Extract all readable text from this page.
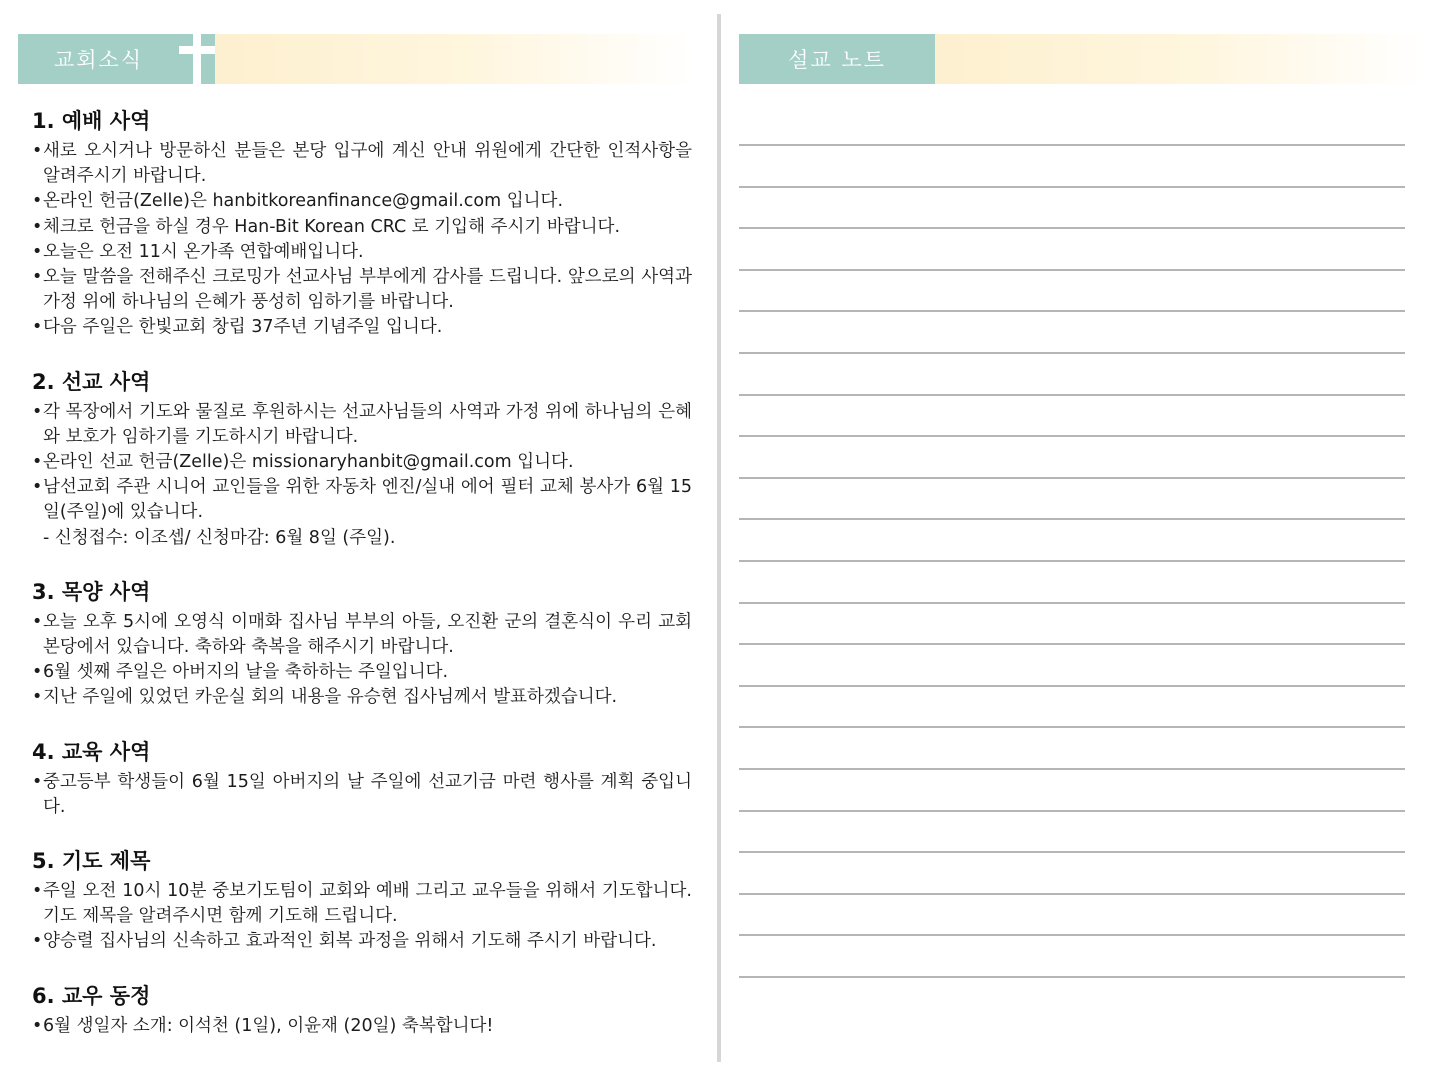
교회소식	설교 노트
1. 예배 사역
• 새로 오시거나 방문하신 분들은 본당 입구에 계신 안내 위원에게 간단한 인적사항을 알려주시기 바랍니다.
• 온라인 헌금(Zelle)은 hanbitkoreanfinance@gmail.com 입니다.
• 체크로 헌금을 하실 경우 Han-Bit Korean CRC 로 기입해 주시기 바랍니다.
• 오늘은 오전 11시 온가족 연합예배입니다.
• 오늘 말씀을 전해주신 크로밍가 선교사님 부부에게 감사를 드립니다. 앞으로의 사역과 가정 위에 하나님의 은혜가 풍성히 임하기를 바랍니다.
• 다음 주일은 한빛교회 창립 37주년 기념주일 입니다.
2. 선교 사역
• 각 목장에서 기도와 물질로 후원하시는 선교사님들의 사역과 가정 위에 하나님의 은혜와 보호가 임하기를 기도하시기 바랍니다.
• 온라인 선교 헌금(Zelle)은 missionaryhanbit@gmail.com 입니다.
• 남선교회 주관 시니어 교인들을 위한 자동차 엔진/실내 에어 필터 교체 봉사가 6월 15일(주일)에 있습니다.
- 신청접수: 이조셉/ 신청마감: 6월 8일 (주일).
3. 목양 사역
• 오늘 오후 5시에 오영식 이매화 집사님 부부의 아들, 오진환 군의 결혼식이 우리 교회 본당에서 있습니다. 축하와 축복을 해주시기 바랍니다.
• 6월 셋째 주일은 아버지의 날을 축하하는 주일입니다.
• 지난 주일에 있었던 카운실 회의 내용을 유승현 집사님께서 발표하겠습니다.
4. 교육 사역
• 중고등부 학생들이 6월 15일 아버지의 날 주일에 선교기금 마련 행사를 계획 중입니다.
5. 기도 제목
• 주일 오전 10시 10분 중보기도팀이 교회와 예배 그리고 교우들을 위해서 기도합니다. 기도 제목을 알려주시면 함께 기도해 드립니다.
• 양승렬 집사님의 신속하고 효과적인 회복 과정을 위해서 기도해 주시기 바랍니다.
6. 교우 동정
• 6월 생일자 소개: 이석천 (1일), 이윤재 (20일) 축복합니다!
